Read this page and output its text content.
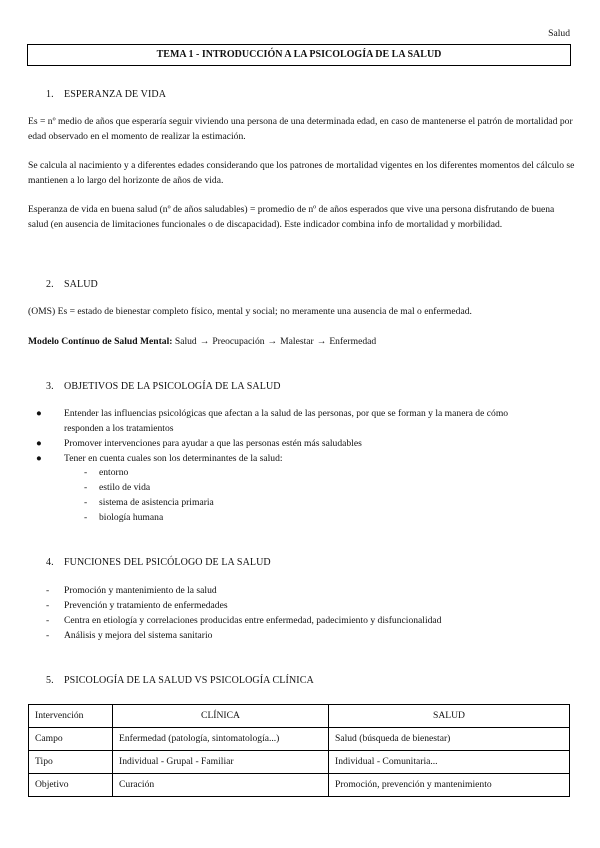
Salud
TEMA 1 - INTRODUCCIÓN A LA PSICOLOGÍA DE LA SALUD
1. ESPERANZA DE VIDA

Es = nº medio de años que esperaría seguir viviendo una persona de una determinada edad, en caso de mantenerse el patrón de mortalidad por edad observado en el momento de realizar la estimación.

Se calcula al nacimiento y a diferentes edades considerando que los patrones de mortalidad vigentes en los diferentes momentos del cálculo se mantienen a lo largo del horizonte de años de vida.

Esperanza de vida en buena salud (nº de años saludables) = promedio de nº de años esperados que vive una persona disfrutando de buena salud (en ausencia de limitaciones funcionales o de discapacidad). Este indicador combina info de mortalidad y morbilidad.

2. SALUD

(OMS) Es = estado de bienestar completo físico, mental y social; no meramente una ausencia de mal o enfermedad.

Modelo Contínuo de Salud Mental: Salud → Preocupación → Malestar → Enfermedad

3. OBJETIVOS DE LA PSICOLOGÍA DE LA SALUD
● Entender las influencias psicológicas que afectan a la salud de las personas, por que se forman y la manera de cómo responden a los tratamientos
● Promover intervenciones para ayudar a que las personas estén más saludables
● Tener en cuenta cuales son los determinantes de la salud:
- entorno
- estilo de vida
- sistema de asistencia primaria
- biología humana
4. FUNCIONES DEL PSICÓLOGO DE LA SALUD
- Promoción y mantenimiento de la salud
- Prevención y tratamiento de enfermedades
- Centra en etiología y correlaciones producidas entre enfermedad, padecimiento y disfuncionalidad
- Análisis y mejora del sistema sanitario
5. PSICOLOGÍA DE LA SALUD VS PSICOLOGÍA CLÍNICA
Intervención	CLÍNICA	SALUD
Campo	Enfermedad (patología, sintomatología...)	Salud (búsqueda de bienestar)
Tipo	Individual - Grupal - Familiar	Individual - Comunitaria...
Objetivo	Curación	Promoción, prevención y mantenimiento
